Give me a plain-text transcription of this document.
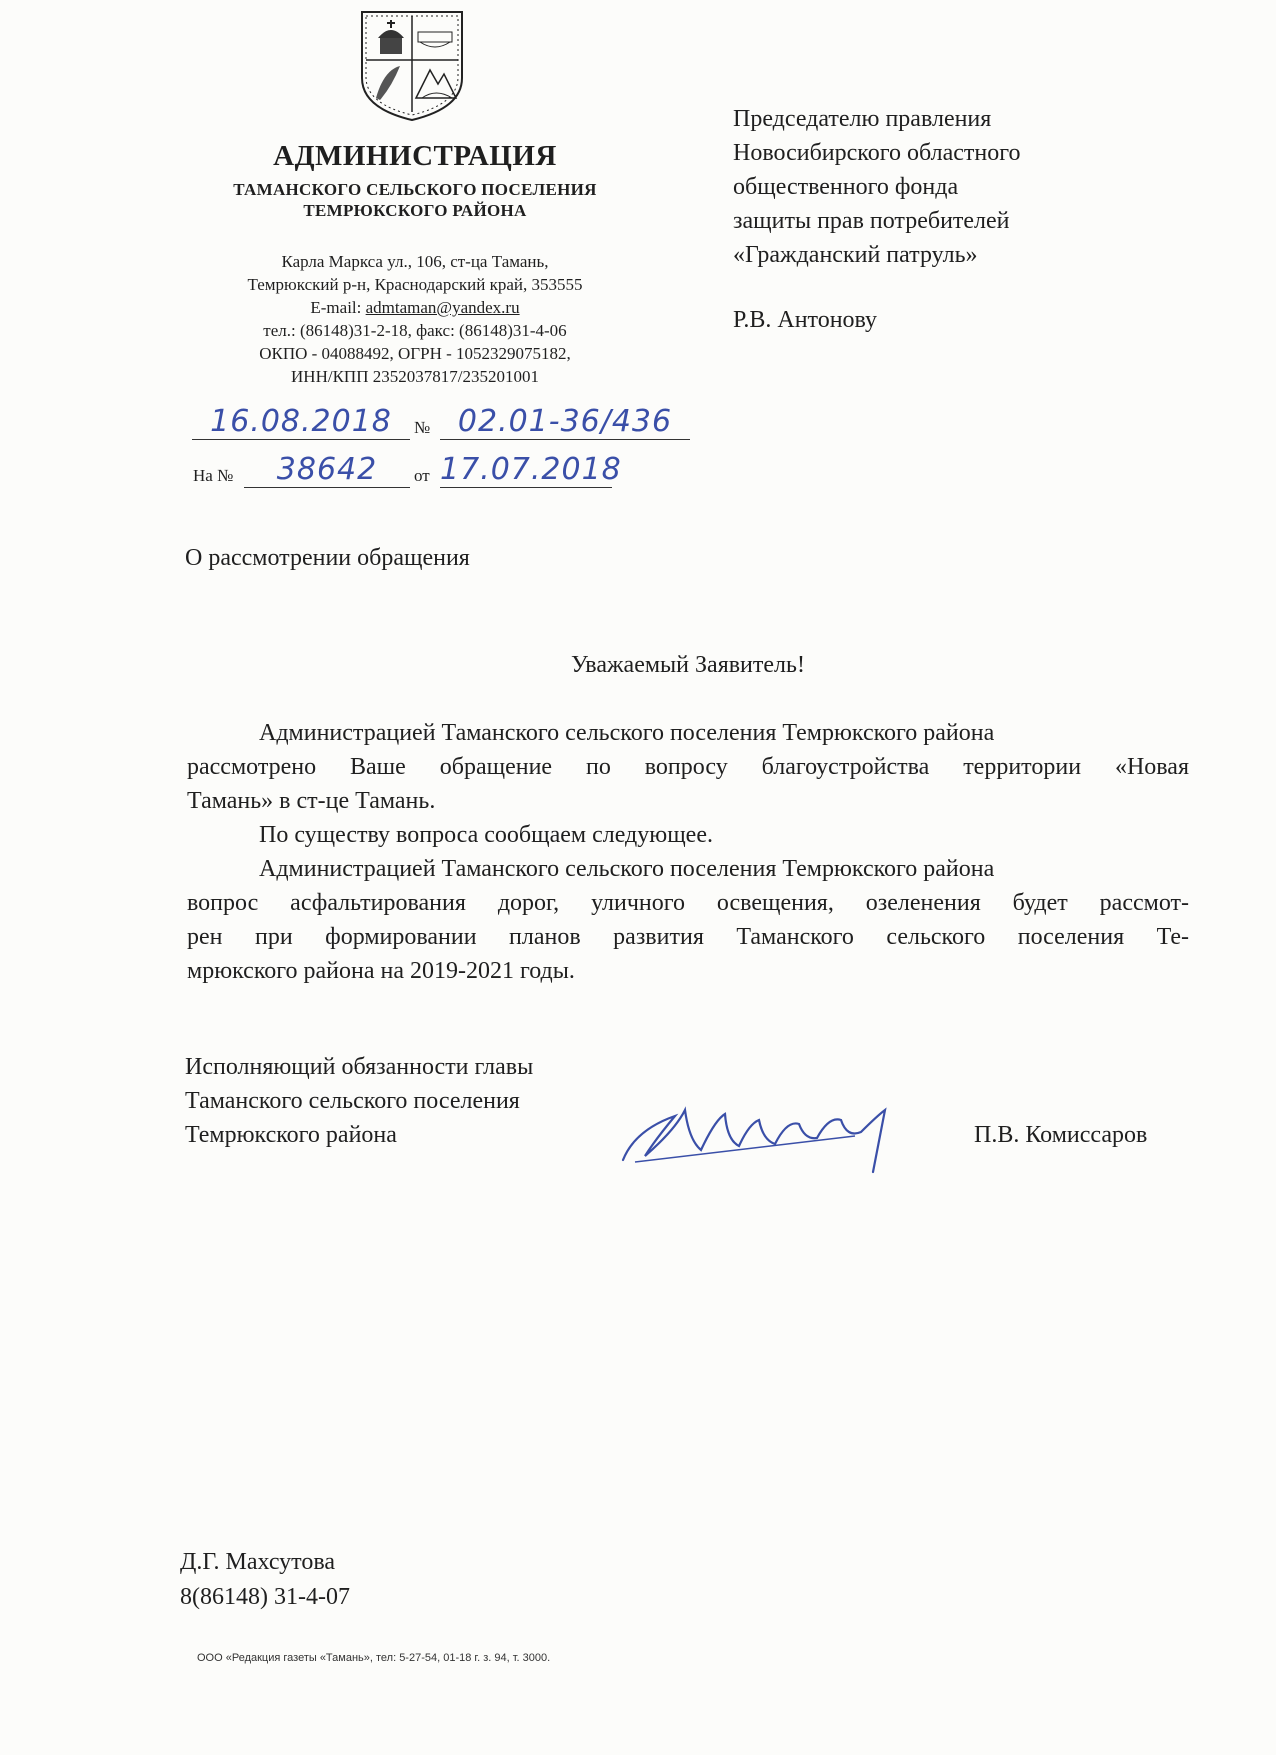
АДМИНИСТРАЦИЯ
ТАМАНСКОГО СЕЛЬСКОГО ПОСЕЛЕНИЯ
ТЕМРЮКСКОГО РАЙОНА
Карла Маркса ул., 106, ст-ца Тамань,
Темрюкский р-н, Краснодарский край, 353555
E-mail: admtaman@yandex.ru
тел.: (86148)31-2-18, факс: (86148)31-4-06
ОКПО - 04088492, ОГРН - 1052329075182,
ИНН/КПП 2352037817/235201001
16.08.2018	№ 02.01-36/436
На №	38642	от 17.07.2018
Председателю правления
Новосибирского областного
общественного фонда
защиты прав потребителей
«Гражданский патруль»
Р.В. Антонову
О рассмотрении обращения
Уважаемый Заявитель!
Администрацией Таманского сельского поселения Темрюкского района
рассмотрено Ваше обращение по вопросу благоустройства территории «Новая
Тамань» в ст-це Тамань.
По существу вопроса сообщаем следующее.
Администрацией Таманского сельского поселения Темрюкского района
вопрос асфальтирования дорог, уличного освещения, озеленения будет рассмот-
рен при формировании планов развития Таманского сельского поселения Те-
мрюкского района на 2019-2021 годы.
Исполняющий обязанности главы
Таманского сельского поселения
Темрюкского района	П.В. Комиссаров
Д.Г. Махсутова
8(86148) 31-4-07
ООО «Редакция газеты «Тамань», тел: 5-27-54, 01-18 г. з. 94, т. 3000.
